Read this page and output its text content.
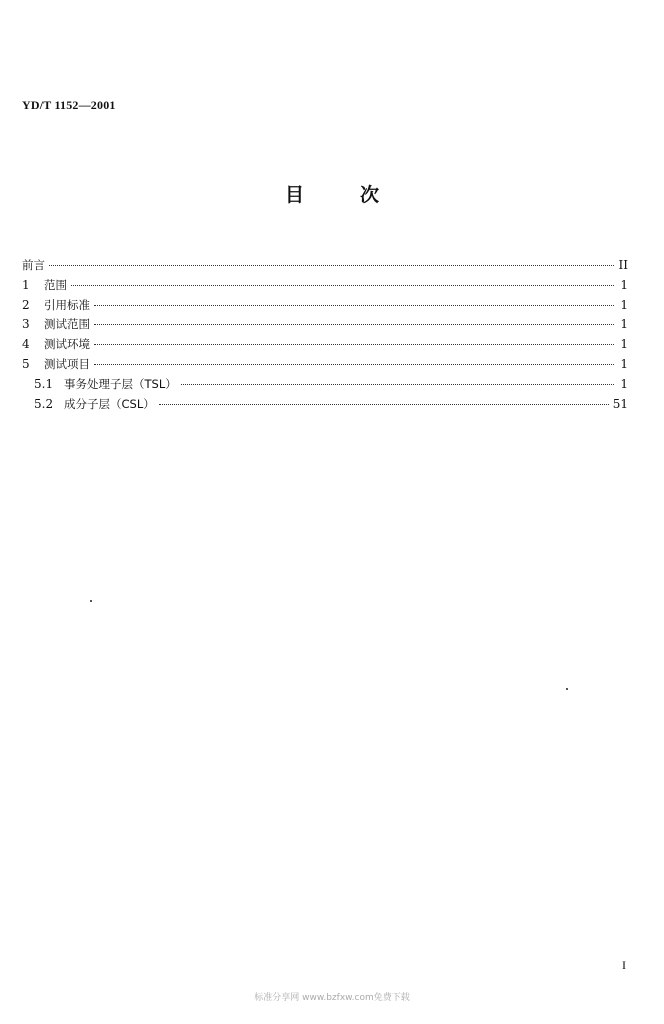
YD/T 1152—2001
目	次
前言	II
1	范围	1
2	引用标准	1
3	测试范围	1
4	测试环境	1
5	测试项目	1
5.1 事务处理子层（TSL）	1
5.2 成分子层（CSL）	51
I
标准分享网 www.bzfxw.com免费下载
